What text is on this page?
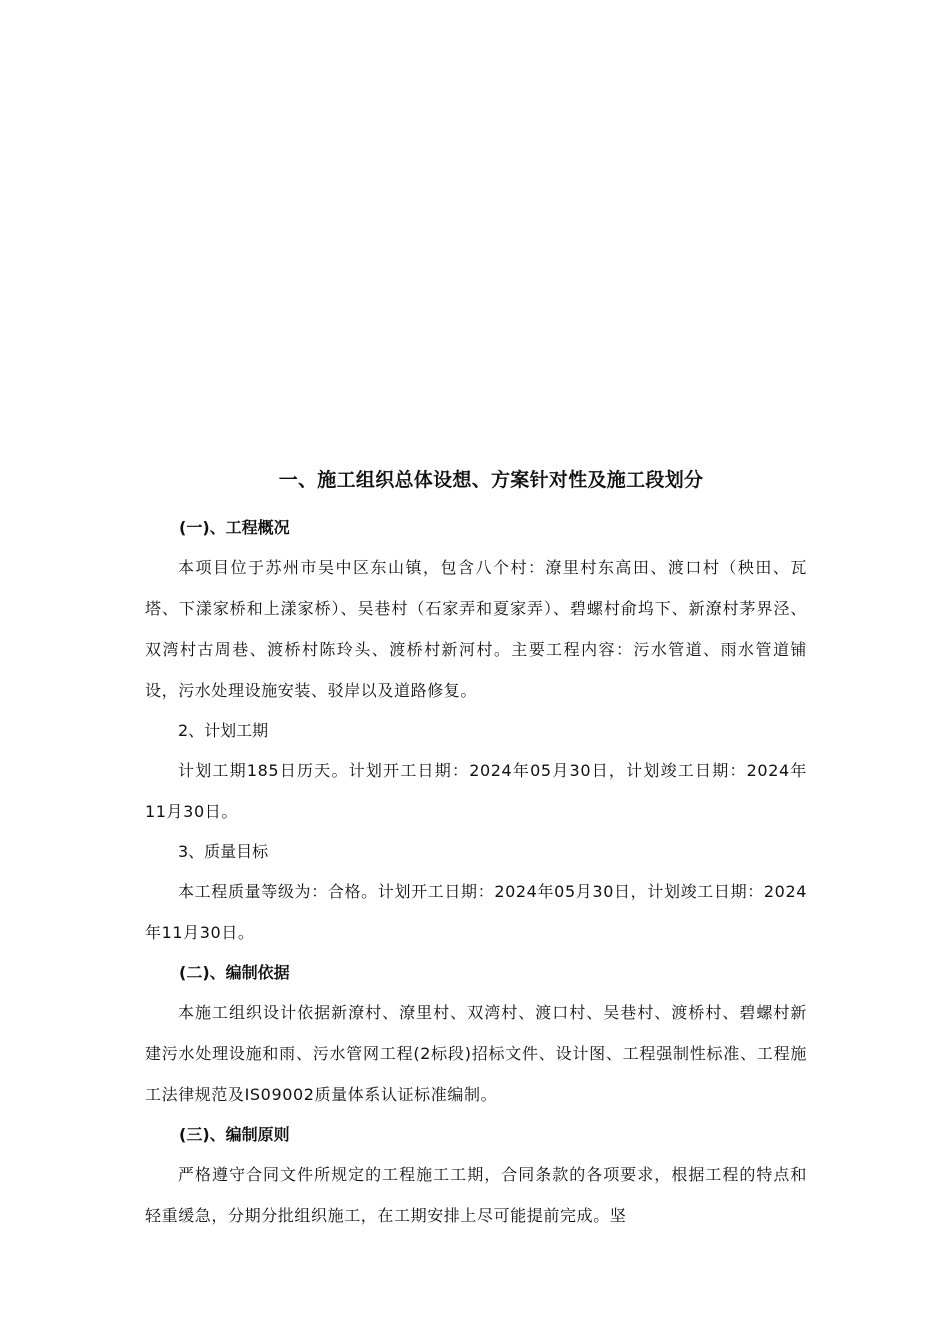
一、施工组织总体设想、方案针对性及施工段划分
(一)、工程概况

本项目位于苏州市吴中区东山镇，包含八个村：潦里村东高田、渡口村（秧田、瓦塔、下漾家桥和上漾家桥）、吴巷村（石家弄和夏家弄）、碧螺村俞坞下、新潦村茅界泾、双湾村古周巷、渡桥村陈玲头、渡桥村新河村。主要工程内容：污水管道、雨水管道铺设，污水处理设施安装、驳岸以及道路修复。

2、计划工期

计划工期185日历天。计划开工日期：2024年05月30日，计划竣工日期：2024年11月30日。

3、质量目标

本工程质量等级为：合格。计划开工日期：2024年05月30日，计划竣工日期：2024年11月30日。

(二)、编制依据

本施工组织设计依据新潦村、潦里村、双湾村、渡口村、吴巷村、渡桥村、碧螺村新建污水处理设施和雨、污水管网工程(2标段)招标文件、设计图、工程强制性标准、工程施工法律规范及IS09002质量体系认证标准编制。

(三)、编制原则

严格遵守合同文件所规定的工程施工工期，合同条款的各项要求，根据工程的特点和轻重缓急，分期分批组织施工，在工期安排上尽可能提前完成。坚
